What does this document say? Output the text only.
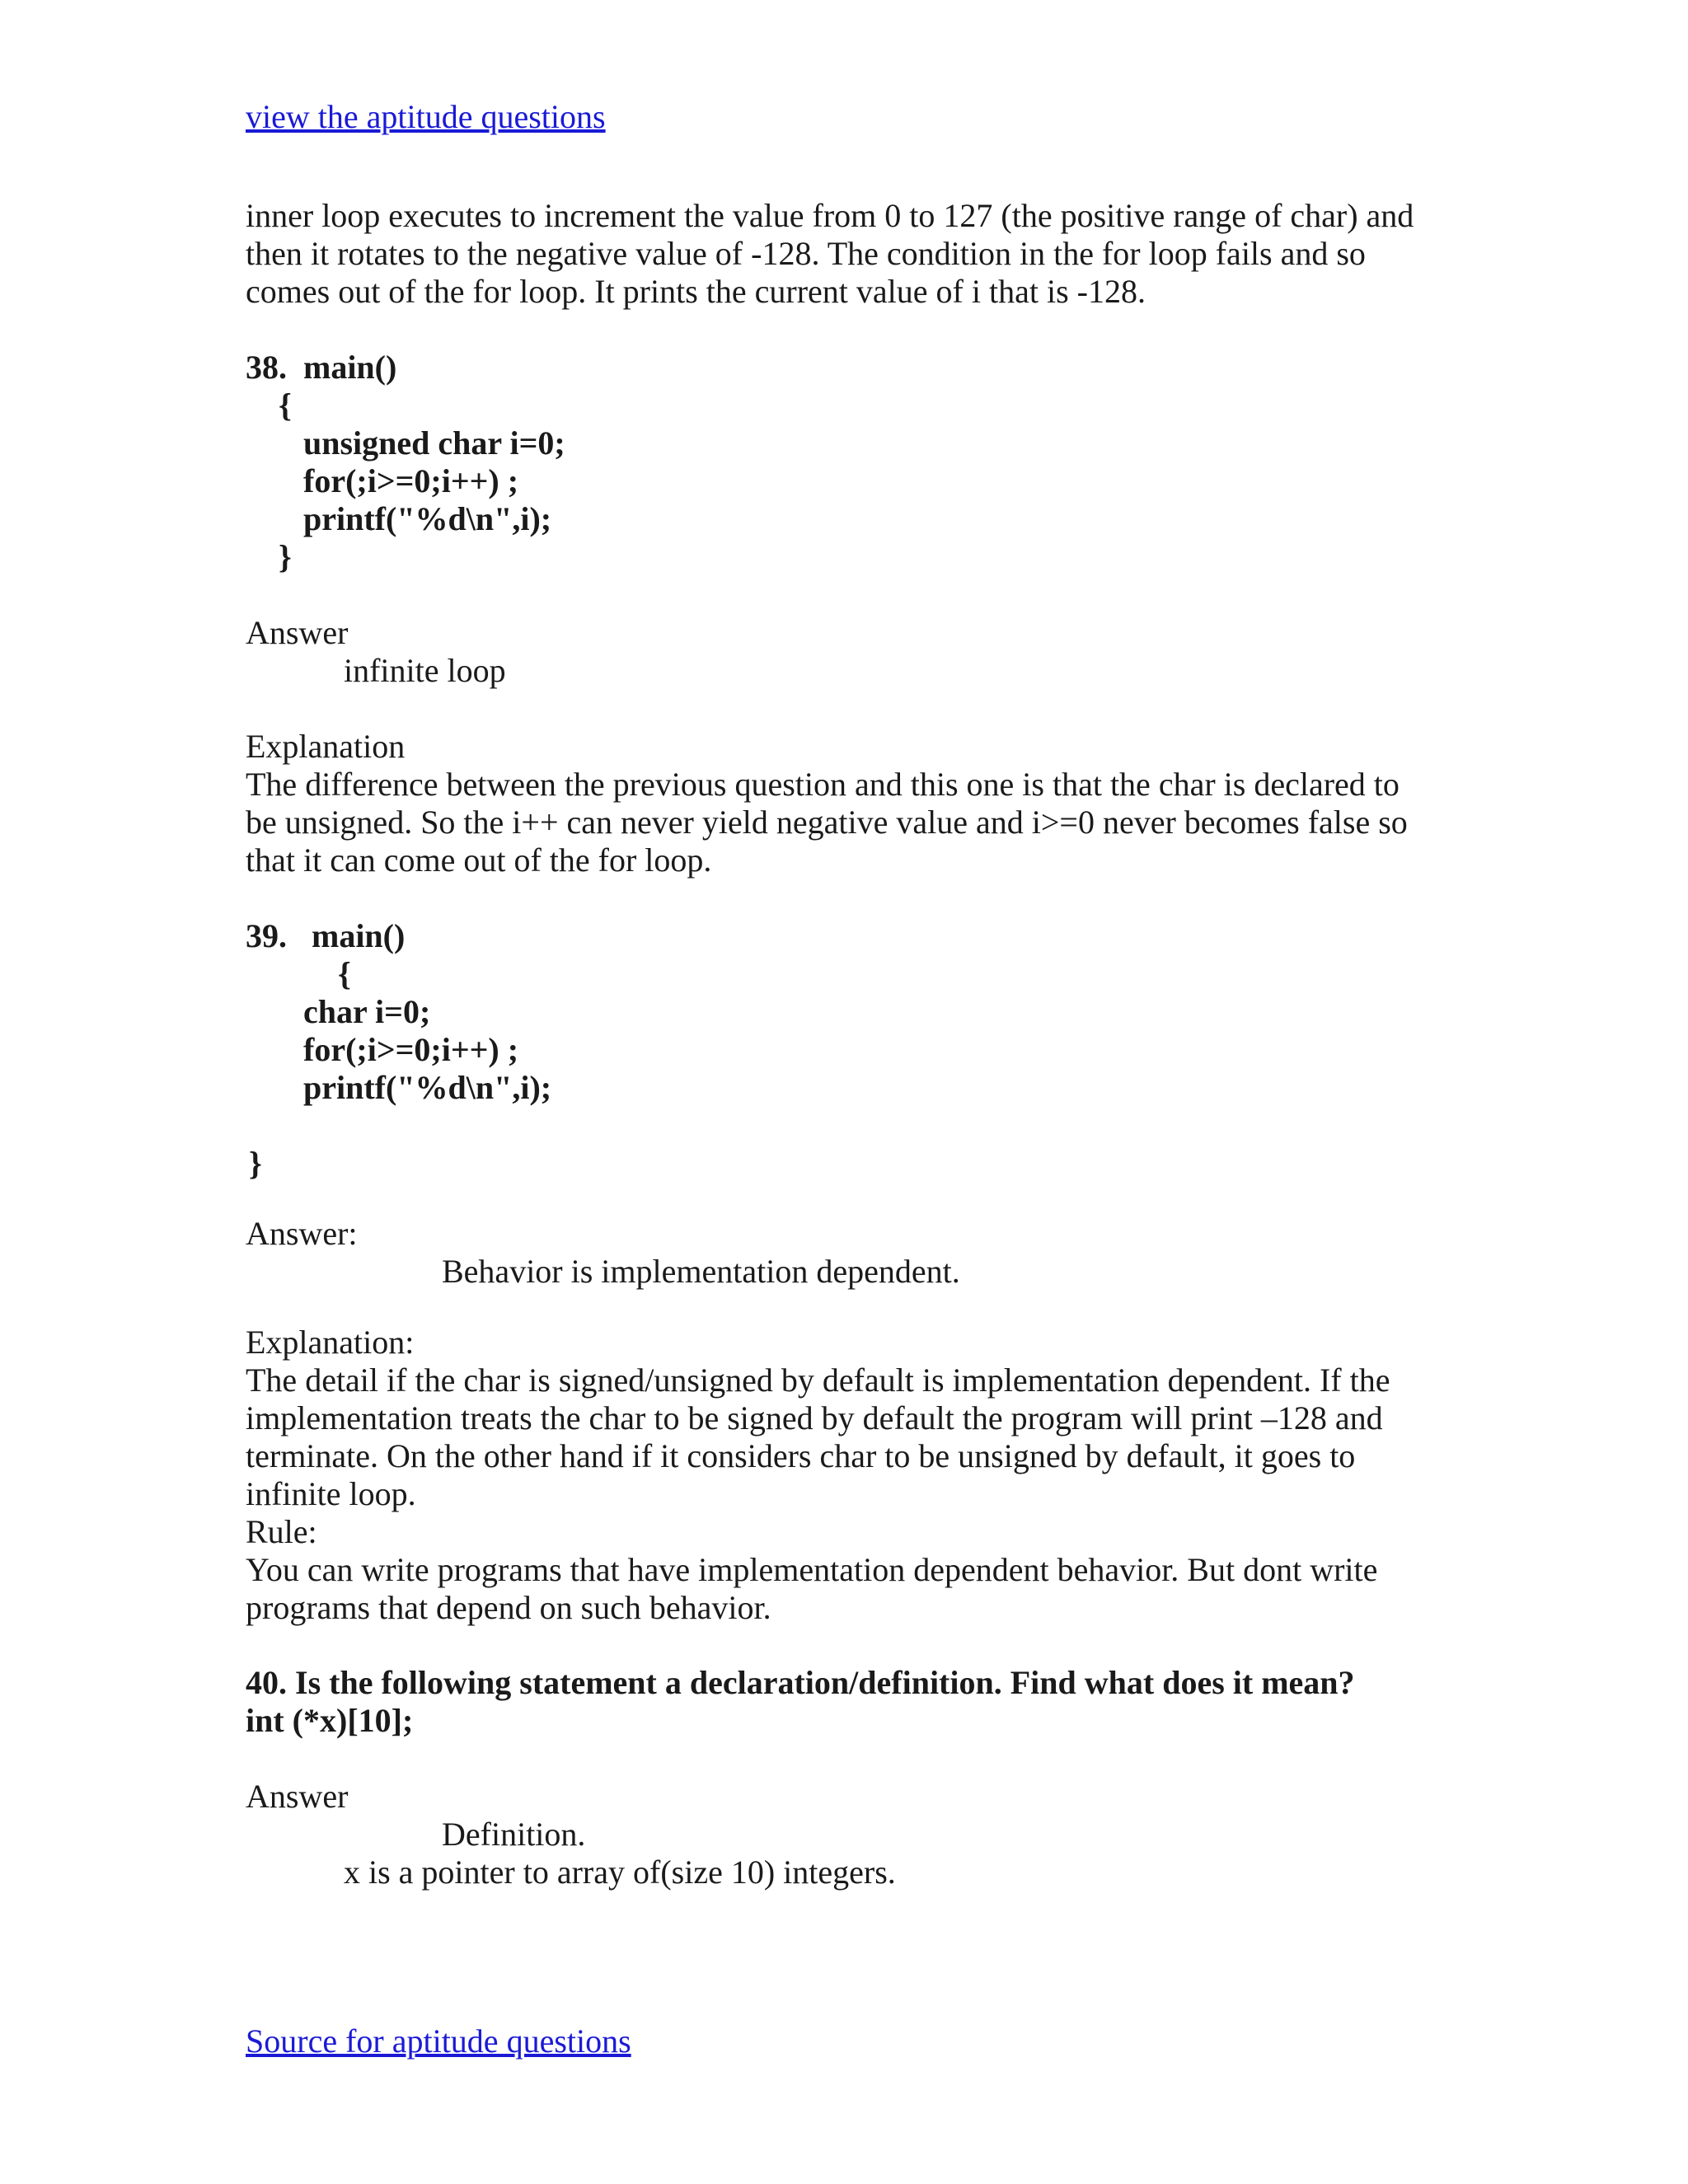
view the aptitude questions
inner loop executes to increment the value from 0 to 127 (the positive range of char) and
then it rotates to the negative value of -128. The condition in the for loop fails and so
comes out of the for loop. It prints the current value of i that is -128.
38.  main()
{
unsigned char i=0;
for(;i>=0;i++) ;
printf("%d\n",i);
}
Answer
infinite loop
Explanation
The difference between the previous question and this one is that the char is declared to
be unsigned. So the i++ can never yield negative value and i>=0 never becomes false so
that it can come out of the for loop.
39.   main()
{
char i=0;
for(;i>=0;i++) ;
printf("%d\n",i);
}
Answer:
Behavior is implementation dependent.
Explanation:
The detail if the char is signed/unsigned by default is implementation dependent. If the
implementation treats the char to be signed by default the program will print –128 and
terminate. On the other hand if it considers char to be unsigned by default, it goes to
infinite loop.
Rule:
You can write programs that have implementation dependent behavior. But dont write
programs that depend on such behavior.
40. Is the following statement a declaration/definition. Find what does it mean?
int (*x)[10];
Answer
Definition.
x is a pointer to array of(size 10) integers.
Source for aptitude questions
